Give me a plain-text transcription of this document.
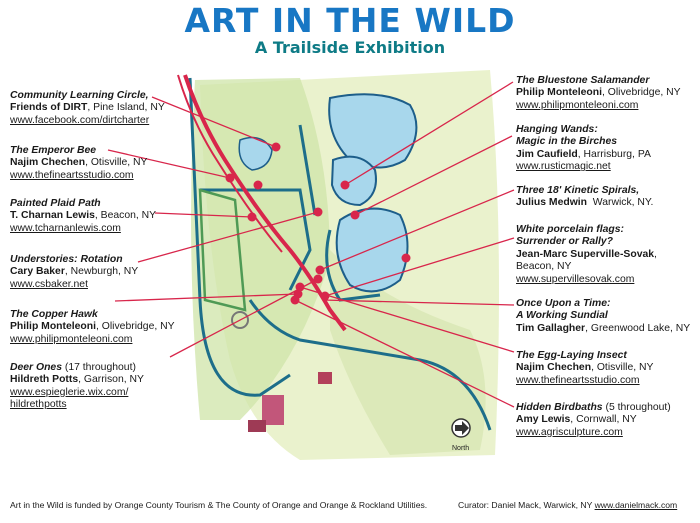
ART IN THE WILD
A Trailside Exhibition
North
Community Learning Circle,
Friends of DIRT, Pine Island, NY
www.facebook.com/dirtcharter
The Emperor Bee
Najim Chechen, Otisville, NY
www.thefineartsstudio.com
Painted Plaid Path
T. Charnan Lewis, Beacon, NY
www.tcharnanlewis.com
Understories: Rotation
Cary Baker, Newburgh, NY
www.csbaker.net
The Copper Hawk
Philip Monteleoni, Olivebridge, NY
www.philipmonteleoni.com
Deer Ones (17 throughout)
Hildreth Potts, Garrison, NY
www.espieglerie.wix.com/
hildrethpotts
The Bluestone Salamander
Philip Monteleoni, Olivebridge, NY
www.philipmonteleoni.com
Hanging Wands:
Magic in the Birches
Jim Caufield, Harrisburg, PA
www.rusticmagic.net
Three 18' Kinetic Spirals,
Julius Medwin  Warwick, NY.
White porcelain flags:
Surrender or Rally?
Jean-Marc Superville-Sovak,
Beacon, NY
www.supervillesovak.com
Once Upon a Time:
A Working Sundial
Tim Gallagher, Greenwood Lake, NY
The Egg-Laying Insect
Najim Chechen, Otisville, NY
www.thefineartsstudio.com
Hidden Birdbaths (5 throughout)
Amy Lewis, Cornwall, NY
www.agrisculpture.com
Art in the Wild is funded by Orange County Tourism & The County of Orange and Orange & Rockland Utilities.	Curator: Daniel Mack, Warwick, NY www.danielmack.com
